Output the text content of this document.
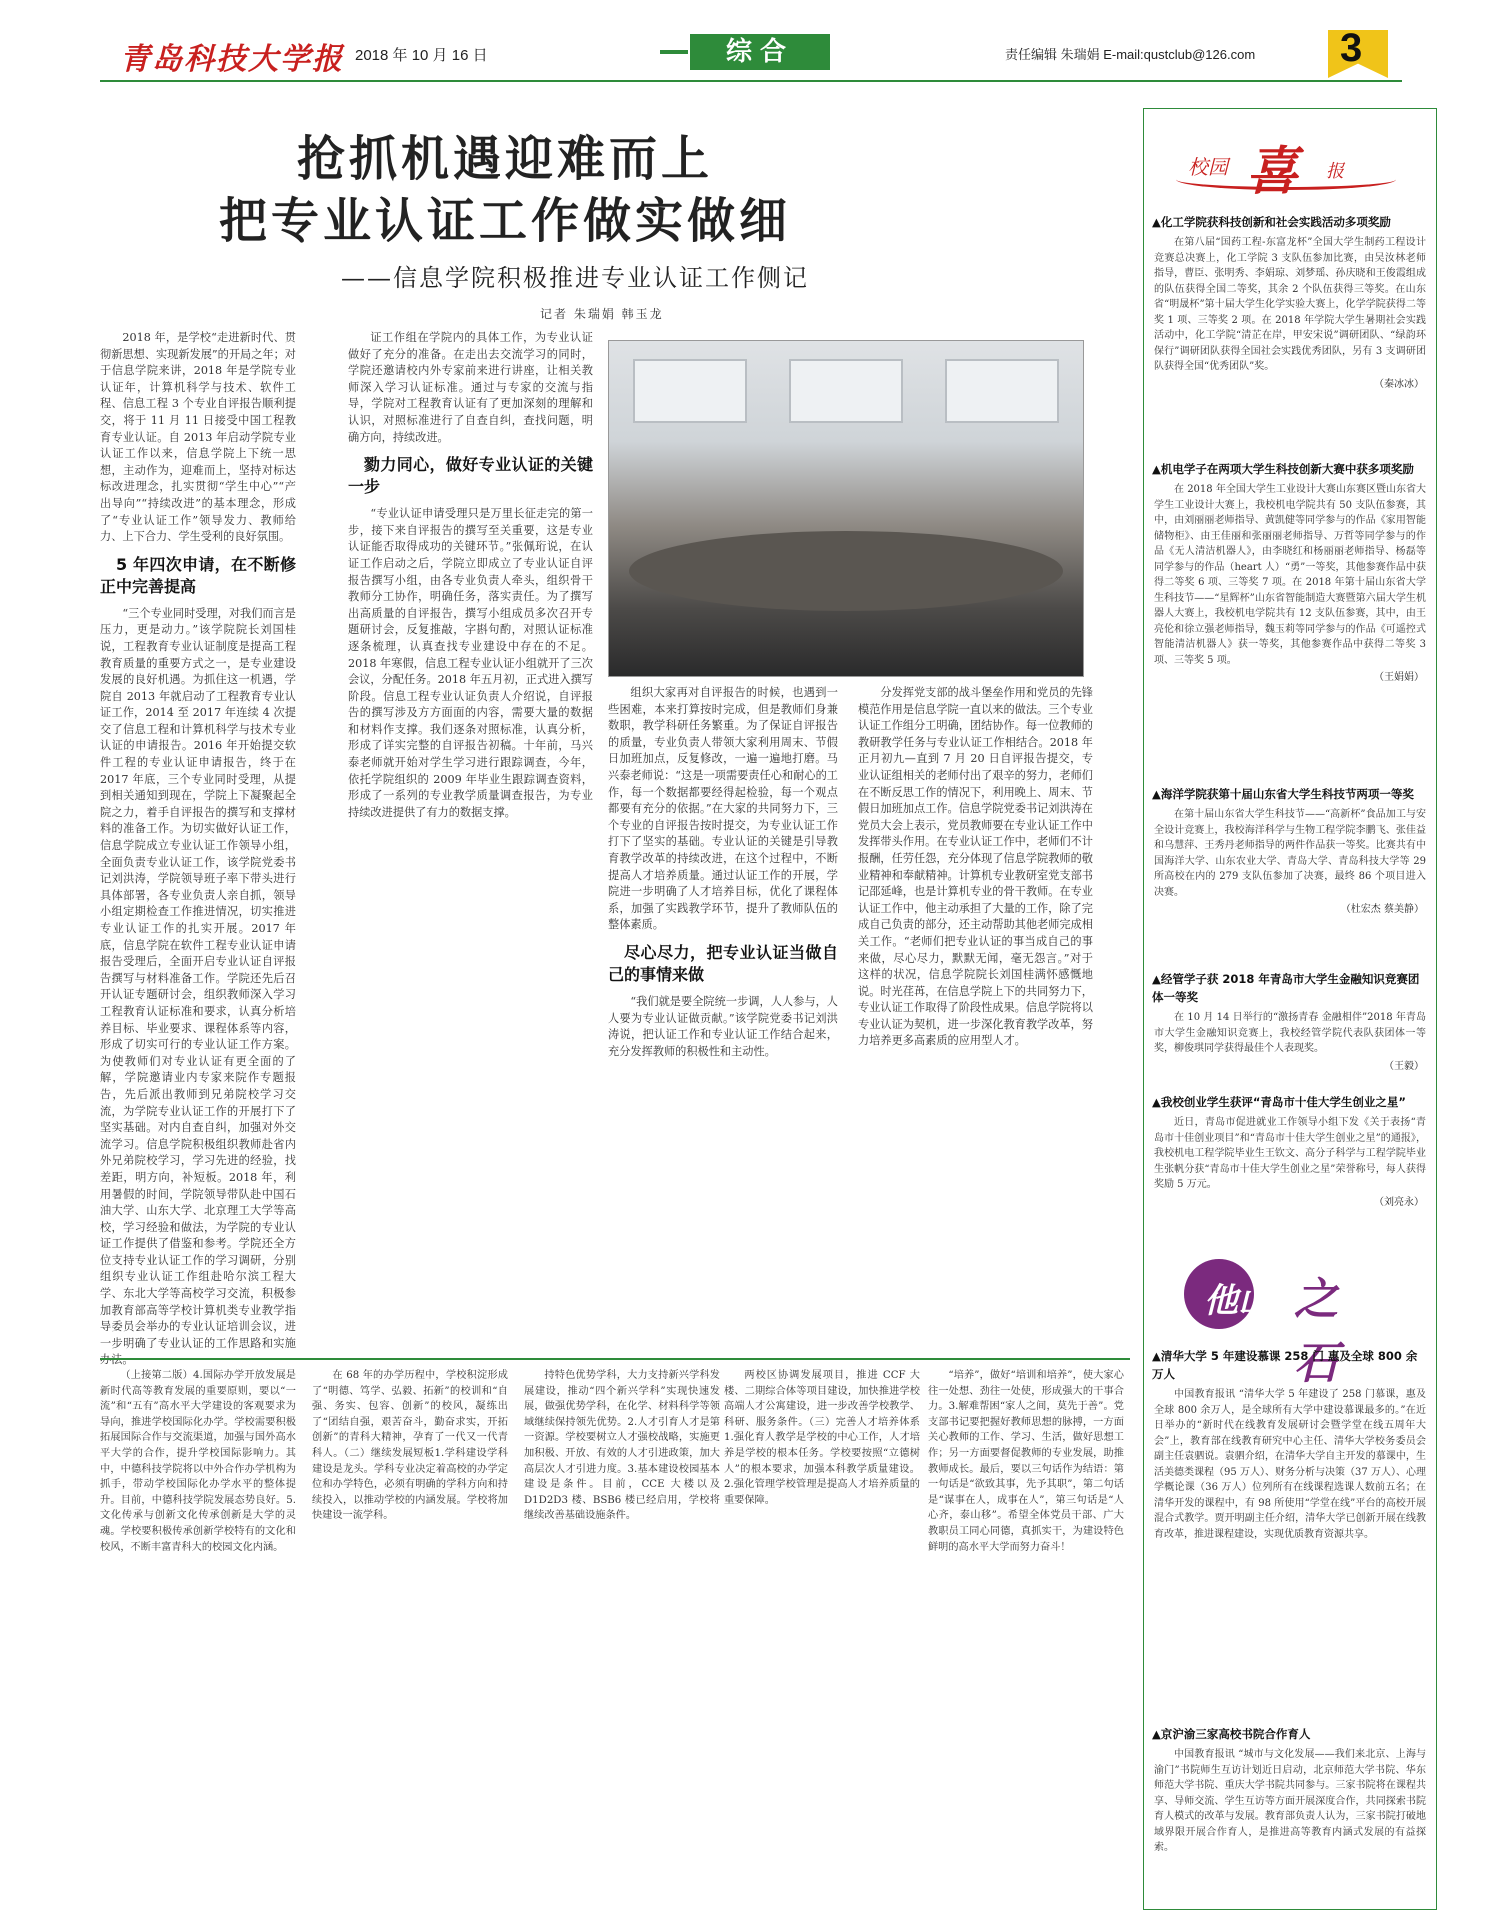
青岛科技大学报 2018 年 10 月 16 日	综合	责任编辑 朱瑞娟 E-mail:qustclub@126.com 3
抢抓机遇迎难而上
把专业认证工作做实做细
——信息学院积极推进专业认证工作侧记
记者 朱瑞娟 韩玉龙

2018 年，是学校“走进新时代、贯彻新思想、实现新发展”的开局之年；对于信息学院来讲，2018 年是学院专业认证年，计算机科学与技术、软件工程、信息工程 3 个专业自评报告顺利提交，将于 11 月 11 日接受中国工程教育专业认证。自 2013 年启动学院专业认证工作以来，信息学院上下统一思想，主动作为，迎难而上，坚持对标达标改进理念，扎实贯彻“学生中心”“产出导向”“持续改进”的基本理念，形成了“专业认证工作”领导发力、教师给力、上下合力、学生受利的良好氛围。

5 年四次申请，在不断修正中完善提高

“三个专业同时受理，对我们而言是压力，更是动力。”该学院院长刘国桂说，工程教育专业认证制度是提高工程教育质量的重要方式之一，是专业建设发展的良好机遇。为抓住这一机遇，学院自 2013 年就启动了工程教育专业认证工作，2014 至 2017 年连续 4 次提交了信息工程和计算机科学与技术专业认证的申请报告。2016 年开始提交软件工程的专业认证申请报告，终于在 2017 年底，三个专业同时受理，从提到相关通知到现在，学院上下凝聚起全院之力，着手自评报告的撰写和支撑材料的准备工作。为切实做好认证工作，信息学院成立专业认证工作领导小组，全面负责专业认证工作，该学院党委书记刘洪涛，学院领导班子率下带头进行具体部署，各专业负责人亲自抓，领导小组定期检查工作推进情况，切实推进专业认证工作的扎实开展。2017 年底，信息学院在软件工程专业认证申请报告受理后，全面开启专业认证自评报告撰写与材料准备工作。学院还先后召开认证专题研讨会，组织教师深入学习工程教育认证标准和要求，认真分析培养目标、毕业要求、课程体系等内容，形成了切实可行的专业认证工作方案。为使教师们对专业认证有更全面的了解，学院邀请业内专家来院作专题报告，先后派出教师到兄弟院校学习交流，为学院专业认证工作的开展打下了坚实基础。对内自查自纠，加强对外交流学习。信息学院积极组织教师赴省内外兄弟院校学习，学习先进的经验，找差距，明方向，补短板。2018 年，利用暑假的时间，学院领导带队赴中国石油大学、山东大学、北京理工大学等高校，学习经验和做法，为学院的专业认证工作提供了借鉴和参考。学院还全方位支持专业认证工作的学习调研，分别组织专业认证工作组赴哈尔滨工程大学、东北大学等高校学习交流，积极参加教育部高等学校计算机类专业教学指导委员会举办的专业认证培训会议，进一步明确了专业认证的工作思路和实施

证工作组在学院内的具体工作，为专业认证做好了充分的准备。在走出去交流学习的同时，学院还邀请校内外专家前来进行讲座，让相关教师深入学习认证标准。通过与专家的交流与指导，学院对工程教育认证有了更加深刻的理解和认识，对照标准进行了自查自纠，查找问题，明确方向，持续改进。

勠力同心，做好专业认证的关键一步

“专业认证申请受理只是万里长征走完的第一步，接下来自评报告的撰写至关重要，这是专业认证能否取得成功的关键环节。”张佩珩说，在认证工作启动之后，学院立即成立了专业认证自评报告撰写小组，由各专业负责人牵头，组织骨干教师分工协作，明确任务，落实责任。为了撰写出高质量的自评报告，撰写小组成员多次召开专题研讨会，反复推敲，字斟句酌，对照认证标准逐条梳理，认真查找专业建设中存在的不足。2018 年寒假，信息工程专业认证小组就开了三次会议，分配任务。2018 年五月初，正式进入撰写阶段。信息工程专业认证负责人介绍说，自评报告的撰写涉及方方面面的内容，需要大量的数据和材料作支撑。我们逐条对照标准，认真分析，形成了详实完整的自评报告初稿。十年前，马兴泰老师就开始对学生学习进行跟踪调查，今年，依托学院组织的 2009 年毕业生跟踪调查资料，形成了一系列的专业教学质量调查报告，为专业持续改进提供了有力的数据支撑。

组织大家再对自评报告的时候，也遇到一些困难，本来打算按时完成，但是教师们身兼数职，教学科研任务繁重。为了保证自评报告的质量，专业负责人带领大家利用周末、节假日加班加点，反复修改，一遍一遍地打磨。马兴泰老师说：“这是一项需要责任心和耐心的工作，每一个数据都要经得起检验，每一个观点都要有充分的依据。”在大家的共同努力下，三个专业的自评报告按时提交，为专业认证工作打下了坚实的基础。专业认证的关键是引导教育教学改革的持续改进，在这个过程中，不断提高人才培养质量。通过认证工作的开展，学院进一步明确了人才培养目标，优化了课程体系，加强了实践教学环节，提升了教师队伍的整体素质。

尽心尽力，把专业认证当做自己的事情来做

“我们就是要全院统一步调，人人参与，人人要为专业认证做贡献。”该学院党委书记刘洪涛说，把认证工作和专业认证工作结合起来，充分发挥教师的积极性和主动性。

分发挥党支部的战斗堡垒作用和党员的先锋模范作用是信息学院一直以来的做法。三个专业认证工作组分工明确，团结协作。每一位教师的教研教学任务与专业认证工作相结合。2018 年正月初九—直到 7 月 20 日自评报告提交，专业认证组相关的老师付出了艰辛的努力，老师们在不断反思工作的情况下，利用晚上、周末、节假日加班加点工作。信息学院党委书记刘洪涛在党员大会上表示，党员教师要在专业认证工作中发挥带头作用。在专业认证工作中，老师们不计报酬，任劳任怨，充分体现了信息学院教师的敬业精神和奉献精神。计算机专业教研室党支部书记邵延峰，也是计算机专业的骨干教师。在专业认证工作中，他主动承担了大量的工作，除了完成自己负责的部分，还主动帮助其他老师完成相关工作。“老师们把专业认证的事当成自己的事来做，尽心尽力，默默无闻，毫无怨言。”对于这样的状况，信息学院院长刘国桂满怀感慨地说。时光荏苒，在信息学院上下的共同努力下，专业认证工作取得了阶段性成果。信息学院将以专业认证为契机，进一步深化教育教学改革，努力培养更多高素质的应用型人才。

校园 喜 报
▲化工学院获科技创新和社会实践活动多项奖励
在第八届“国药工程-东富龙杯”全国大学生制药工程设计竞赛总决赛上，化工学院 3 支队伍参加比赛，由吴汝林老师指导，曹臣、张明秀、李娟琼、刘梦瑶、孙庆晓和王俊霞组成的队伍获得全国二等奖，其余 2 个队伍获得三等奖。在山东省“明晟杯”第十届大学生化学实验大赛上，化学学院获得二等奖 1 项、三等奖 2 项。在 2018 年学院大学生暑期社会实践活动中，化工学院“清芷在岸，甲安宋说”调研团队、“绿韵环保行”调研团队获得全国社会实践优秀团队，另有 3 支调研团队获得全国“优秀团队”奖。
（秦冰冰）
▲机电学子在两项大学生科技创新大赛中获多项奖励
在 2018 年全国大学生工业设计大赛山东赛区暨山东省大学生工业设计大赛上，我校机电学院共有 50 支队伍参赛，其中，由刘丽丽老师指导、黄凯健等同学参与的作品《家用智能储物柜》、由王佳丽和张丽丽老师指导、万哲等同学参与的作品《无人清洁机器人》，由李晓红和杨丽丽老师指导、杨磊等同学参与的作品（heart 人）“勇”一等奖，其他参赛作品中获得二等奖 6 项、三等奖 7 项。在 2018 年第十届山东省大学生科技节——“星辉杯”山东省智能制造大赛暨第六届大学生机器人大赛上，我校机电学院共有 12 支队伍参赛，其中，由王亮伦和徐立强老师指导，魏玉莉等同学参与的作品《可遥控式智能清洁机器人》获一等奖，其他参赛作品中获得二等奖 3 项、三等奖 5 项。
（王娟娟）
▲海洋学院获第十届山东省大学生科技节两项一等奖
在第十届山东省大学生科技节——“高新杯”食品加工与安全设计竞赛上，我校海洋科学与生物工程学院李鹏飞、张佳益和乌慧萍、王秀丹老师指导的两件作品获一等奖。比赛共有中国海洋大学、山东农业大学、青岛大学、青岛科技大学等 29 所高校在内的 279 支队伍参加了决赛，最终 86 个项目进入决赛。
（杜宏杰 蔡美静）
▲经管学子获 2018 年青岛市大学生金融知识竞赛团体一等奖
在 10 月 14 日举行的“激扬青春 金融相伴”2018 年青岛市大学生金融知识竞赛上，我校经管学院代表队获团体一等奖，柳俊琪同学获得最佳个人表现奖。
（王毅）
▲我校创业学生获评“青岛市十佳大学生创业之星”
近日，青岛市促进就业工作领导小组下发《关于表扬“青岛市十佳创业项目”和“青岛市十佳大学生创业之星”的通报》，我校机电工程学院毕业生王钦文、高分子科学与工程学院毕业生张帆分获“青岛市十佳大学生创业之星”荣誉称号，每人获得奖励 5 万元。
（刘亮永）
他山 之石
▲清华大学 5 年建设慕课 258 门 惠及全球 800 余万人
中国教育报讯 “清华大学 5 年建设了 258 门慕课，惠及全球 800 余万人，是全球所有大学中建设慕课最多的。”在近日举办的“新时代在线教育发展研讨会暨学堂在线五周年大会”上，教育部在线教育研究中心主任、清华大学校务委员会副主任袁驷说。袁驷介绍，在清华大学自主开发的慕课中，生活美德类课程（95 万人）、财务分析与决策（37 万人）、心理学概论课（36 万人）位列所有在线课程选课人数前五名；在清华开发的课程中，有 98 所使用“学堂在线”平台的高校开展混合式教学。贾开明副主任介绍，清华大学已创新开展在线教育改革，推进课程建设，实现优质教育资源共享。
▲京沪渝三家高校书院合作育人
中国教育报讯 “城市与文化发展——我们来北京、上海与渝门”书院师生互访计划近日启动，北京师范大学书院、华东师范大学书院、重庆大学书院共同参与。三家书院将在课程共享、导师交流、学生互访等方面开展深度合作，共同探索书院育人模式的改革与发展。教育部负责人认为，三家书院打破地域界限开展合作育人，是推进高等教育内涵式发展的有益探索。

（上接第二版）4.国际办学开放发展是新时代高等教育发展的重要原则，要以“一流”和“五有”高水平大学建设的客观要求为导向，推进学校国际化办学。学校需要积极拓展国际合作与交流渠道，加强与国外高水平大学的合作，提升学校国际影响力。其中，中德科技学院将以中外合作办学机构为抓手，带动学校国际化办学水平的整体提升。目前，中德科技学院发展态势良好。5.文化传承与创新文化传承创新是大学的灵魂。学校要积极传承创新学校特有的文化和校风，不断丰富青科大的校园文化内涵。

在 68 年的办学历程中，学校积淀形成了“明德、笃学、弘毅、拓新”的校训和“自强、务实、包容、创新”的校风，凝练出了“团结自强，艰苦奋斗，勤奋求实，开拓创新”的青科大精神，孕育了一代又一代青科人。（二）继续发展短板1.学科建设学科建设是龙头。学科专业决定着高校的办学定位和办学特色，必须有明确的学科方向和持续投入，以推动学校的内涵发展。学校将加快建设一流学科。

持特色优势学科，大力支持新兴学科发展建设，推动“四个新兴学科”实现快速发展，做强优势学科，在化学、材料科学等领域继续保持领先优势。2.人才引育人才是第一资源。学校要树立人才强校战略，实施更加积极、开放、有效的人才引进政策，加大高层次人才引进力度。3.基本建设校园基本建设是条件。目前，CCE 大楼以及 D1D2D3 楼、BSB6 楼已经启用，学校将继续改善基础设施条件。

两校区协调发展项目，推进 CCF 大楼、二期综合体等项目建设，加快推进学校高端人才公寓建设，进一步改善学校教学、科研、服务条件。（三）完善人才培养体系 1.强化育人教学是学校的中心工作，人才培养是学校的根本任务。学校要按照“立德树人”的根本要求，加强本科教学质量建设。2.强化管理学校管理是提高人才培养质量的重要保障。

“培养”，做好“培训和培养”，使大家心往一处想、劲往一处使，形成强大的干事合力。3.解难帮困“家人之间，莫先于善”。党支部书记要把握好教师思想的脉搏，一方面关心教师的工作、学习、生活，做好思想工作；另一方面要督促教师的专业发展，助推教师成长。最后，要以三句话作为结语：第一句话是“欲致其事，先予其职”，第二句话是“谋事在人，成事在人”，第三句话是“人心齐，泰山移”。希望全体党员干部、广大教职员工同心同德，真抓实干，为建设特色鲜明的高水平大学而努力奋斗！
